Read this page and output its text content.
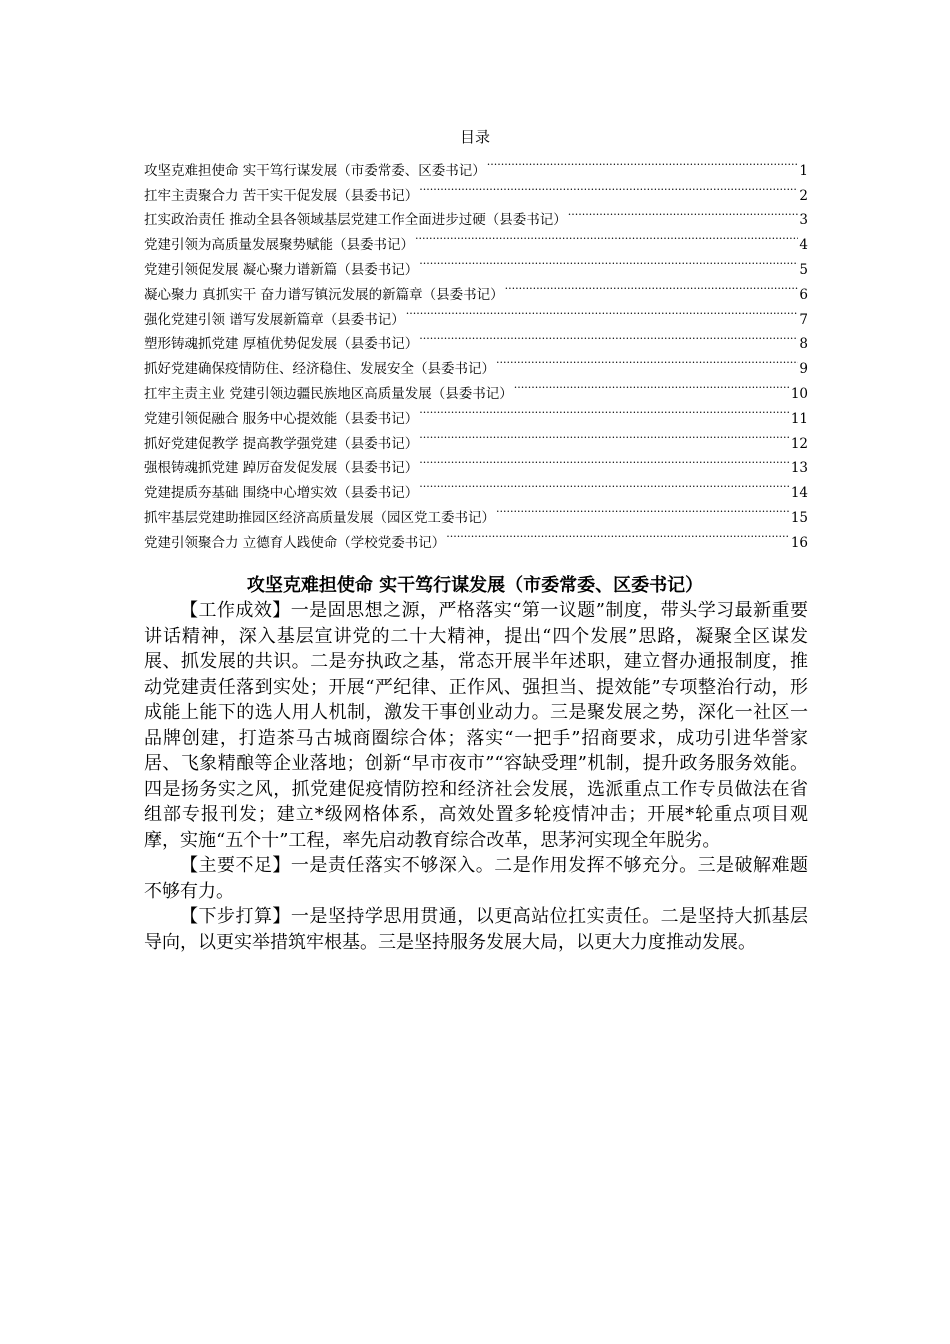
目录
攻坚克难担使命 实干笃行谋发展（市委常委、区委书记） .....	1
扛牢主责聚合力 苦干实干促发展（县委书记） .....	2
扛实政治责任 推动全县各领域基层党建工作全面进步过硬（县委书记） .....	3
党建引领为高质量发展聚势赋能（县委书记） .....	4
党建引领促发展 凝心聚力谱新篇（县委书记） .....	5
凝心聚力 真抓实干 奋力谱写镇沅发展的新篇章（县委书记） .....	6
强化党建引领 谱写发展新篇章（县委书记） .....	7
塑形铸魂抓党建 厚植优势促发展（县委书记） .....	8
抓好党建确保疫情防住、经济稳住、发展安全（县委书记） .....	9
扛牢主责主业 党建引领边疆民族地区高质量发展（县委书记） .....	10
党建引领促融合 服务中心提效能（县委书记） .....	11
抓好党建促教学 提高教学强党建（县委书记） .....	12
强根铸魂抓党建 踔厉奋发促发展（县委书记） .....	13
党建提质夯基础 围绕中心增实效（县委书记） .....	14
抓牢基层党建助推园区经济高质量发展（园区党工委书记） .....	15
党建引领聚合力 立德育人践使命（学校党委书记） .....	16
攻坚克难担使命 实干笃行谋发展（市委常委、区委书记）

【工作成效】一是固思想之源，严格落实“第一议题”制度，带头学习最新重要讲话精神，深入基层宣讲党的二十大精神，提出“四个发展”思路，凝聚全区谋发展、抓发展的共识。二是夯执政之基，常态开展半年述职，建立督办通报制度，推动党建责任落到实处；开展“严纪律、正作风、强担当、提效能”专项整治行动，形成能上能下的选人用人机制，激发干事创业动力。三是聚发展之势，深化一社区一品牌创建，打造茶马古城商圈综合体；落实“一把手”招商要求，成功引进华誉家居、飞象精酿等企业落地；创新“早市夜市”“容缺受理”机制，提升政务服务效能。四是扬务实之风，抓党建促疫情防控和经济社会发展，选派重点工作专员做法在省组部专报刊发；建立*级网格体系，高效处置多轮疫情冲击；开展*轮重点项目观摩，实施“五个十”工程，率先启动教育综合改革，思茅河实现全年脱劣。

【主要不足】一是责任落实不够深入。二是作用发挥不够充分。三是破解难题不够有力。

【下步打算】一是坚持学思用贯通，以更高站位扛实责任。二是坚持大抓基层导向，以更实举措筑牢根基。三是坚持服务发展大局，以更大力度推动发展。
